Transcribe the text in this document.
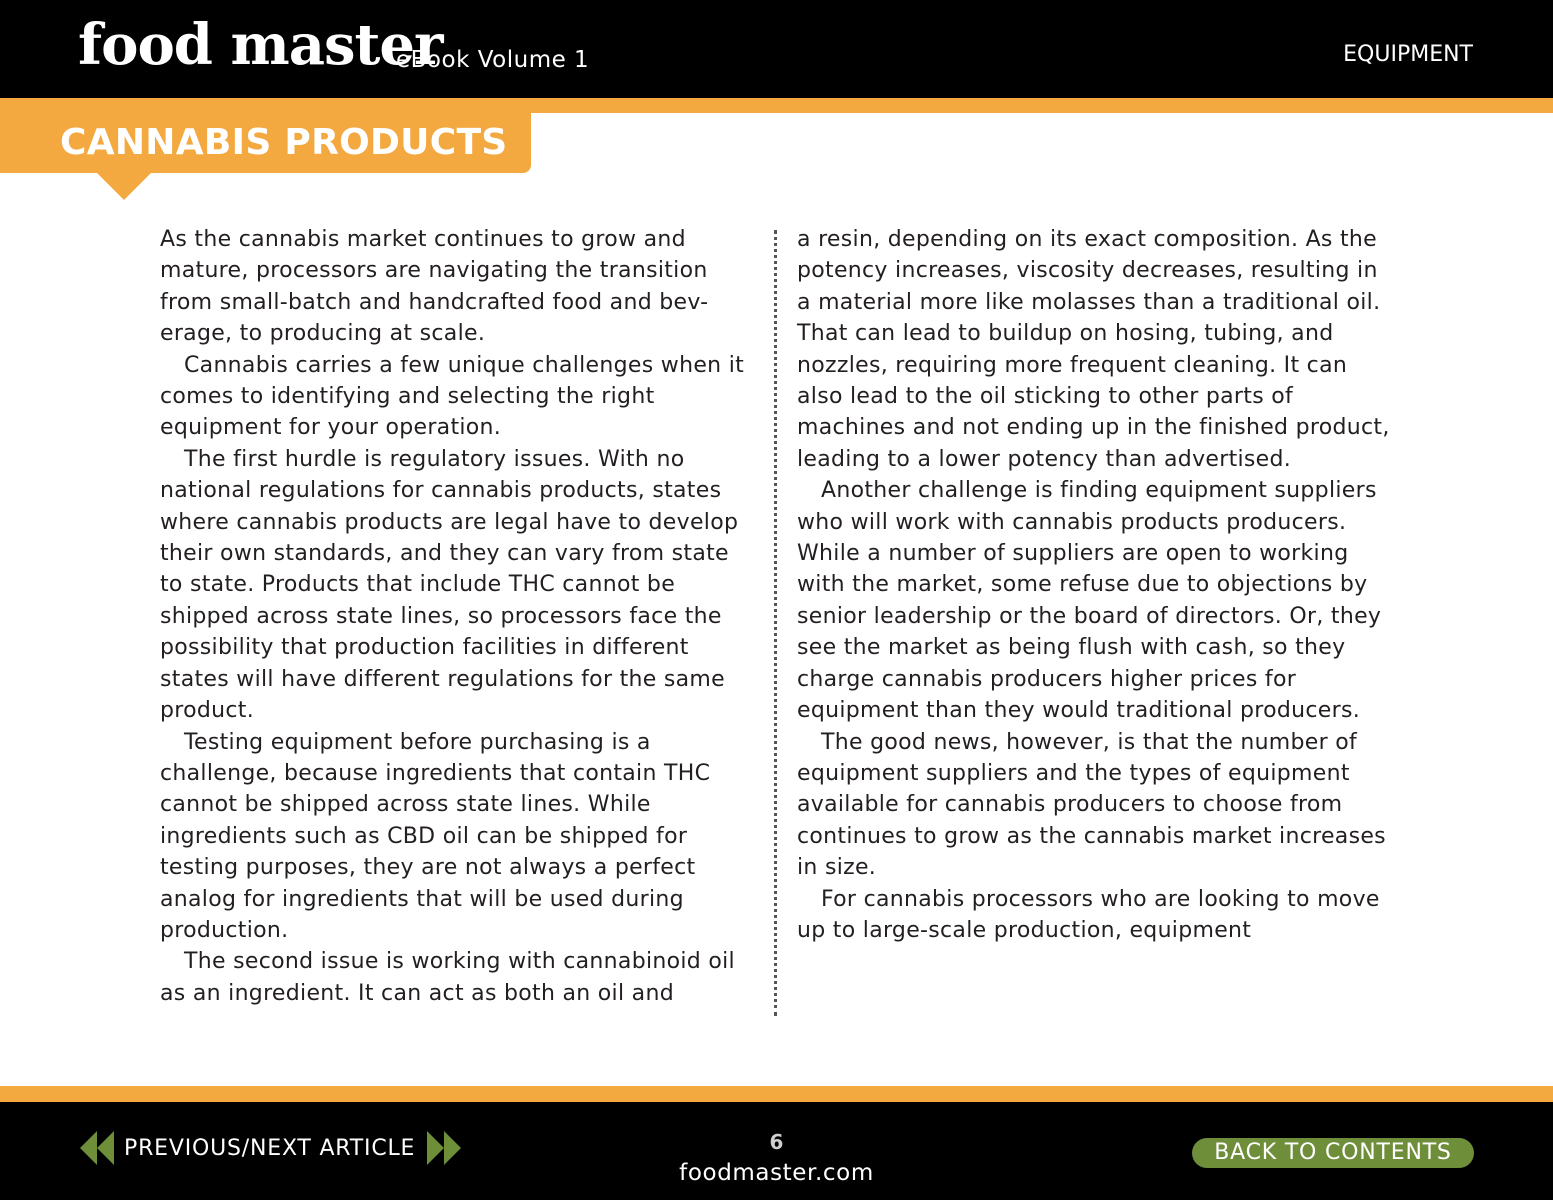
food master
eBook Volume 1	EQUIPMENT
CANNABIS PRODUCTS

As the cannabis market continues to grow and mature, processors are navigating the transition from small-batch and handcrafted food and bev-erage, to producing at scale.

Cannabis carries a few unique challenges when it comes to identifying and selecting the right equipment for your operation.

The first hurdle is regulatory issues. With no national regulations for cannabis products, states where cannabis products are legal have to develop their own standards, and they can vary from state to state. Products that include THC cannot be shipped across state lines, so processors face the possibility that production facilities in different states will have different regulations for the same product.

Testing equipment before purchasing is a challenge, because ingredients that contain THC cannot be shipped across state lines. While ingredients such as CBD oil can be shipped for testing purposes, they are not always a perfect analog for ingredients that will be used during production.

The second issue is working with cannabinoid oil as an ingredient. It can act as both an oil and

a resin, depending on its exact composition. As the potency increases, viscosity decreases, resulting in a material more like molasses than a traditional oil. That can lead to buildup on hosing, tubing, and nozzles, requiring more frequent cleaning. It can also lead to the oil sticking to other parts of machines and not ending up in the finished product, leading to a lower potency than advertised.

Another challenge is finding equipment suppliers who will work with cannabis products producers. While a number of suppliers are open to working with the market, some refuse due to objections by senior leadership or the board of directors. Or, they see the market as being flush with cash, so they charge cannabis producers higher prices for equipment than they would traditional producers.

The good news, however, is that the number of equipment suppliers and the types of equipment available for cannabis producers to choose from continues to grow as the cannabis market increases in size.

For cannabis processors who are looking to move up to large-scale production, equipment

PREVIOUS/NEXT ARTICLE	6
foodmaster.com
BACK TO CONTENTS
